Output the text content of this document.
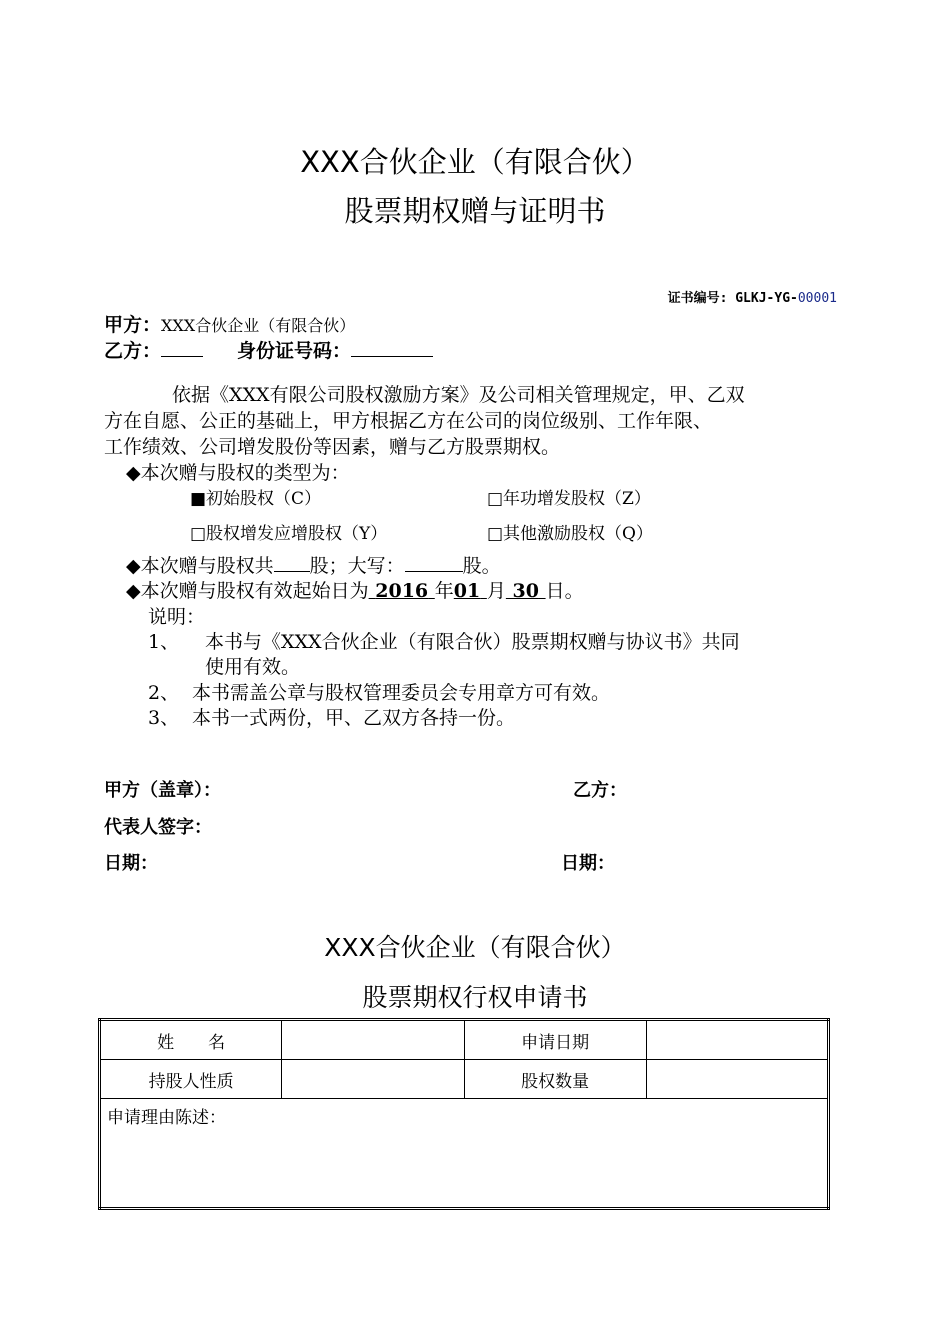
XXX合伙企业（有限合伙）
股票期权赠与证明书
证书编号: GLKJ-YG-00001
甲方：XXX合伙企业（有限合伙）
乙方：	身份证号码：
依据《XXX有限公司股权激励方案》及公司相关管理规定，甲、乙双
方在自愿、公正的基础上，甲方根据乙方在公司的岗位级别、工作年限、
工作绩效、公司增发股份等因素，赠与乙方股票期权。
◆本次赠与股权的类型为：
■初始股权（C）	□年功增发股权（Z）
□股权增发应增股权（Y）	□其他激励股权（Q）
◆本次赠与股权共 股；大写：	股。
◆本次赠与股权有效起始日为 2016 年01 月 30 日。
说明：
1、 本书与《XXX合伙企业（有限合伙）股票期权赠与协议书》共同
使用有效。
2、 本书需盖公章与股权管理委员会专用章方可有效。
3、 本书一式两份，甲、乙双方各持一份。
甲方（盖章）：	乙方：
代表人签字：
日期：	日期：
XXX合伙企业（有限合伙）
股票期权行权申请书
姓　　名		申请日期	
持股人性质		股权数量	
申请理由陈述：			
